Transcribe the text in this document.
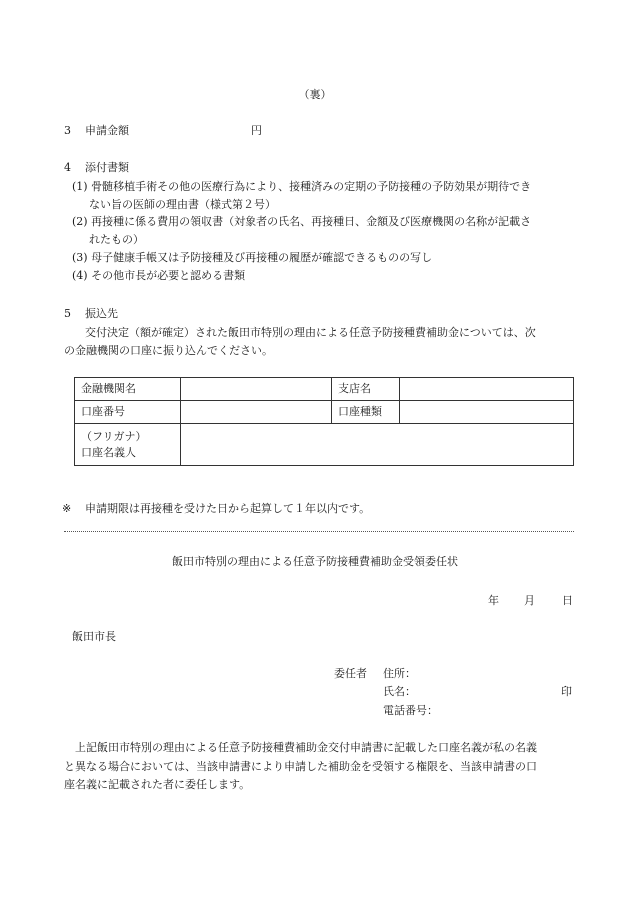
（裏）
3 申請金額	円
4 添付書類
(1) 骨髄移植手術その他の医療行為により、接種済みの定期の予防接種の予防効果が期待でき
ない旨の医師の理由書（様式第２号）
(2) 再接種に係る費用の領収書（対象者の氏名、再接種日、金額及び医療機関の名称が記載さ
れたもの）
(3) 母子健康手帳又は予防接種及び再接種の履歴が確認できるものの写し
(4) その他市長が必要と認める書類
5 振込先
交付決定（額が確定）された飯田市特別の理由による任意予防接種費補助金については、次
の金融機関の口座に振り込んでください。
金融機関名		支店名	
口座番号		口座種類	

（フリガナ）
口座名義人			

※ 申請期限は再接種を受けた日から起算して１年以内です。
飯田市特別の理由による任意予防接種費補助金受領委任状
年 月 日
飯田市長
委任者 住所：
氏名：	印
電話番号：
上記飯田市特別の理由による任意予防接種費補助金交付申請書に記載した口座名義が私の名義
と異なる場合においては、当該申請書により申請した補助金を受領する権限を、当該申請書の口
座名義に記載された者に委任します。
